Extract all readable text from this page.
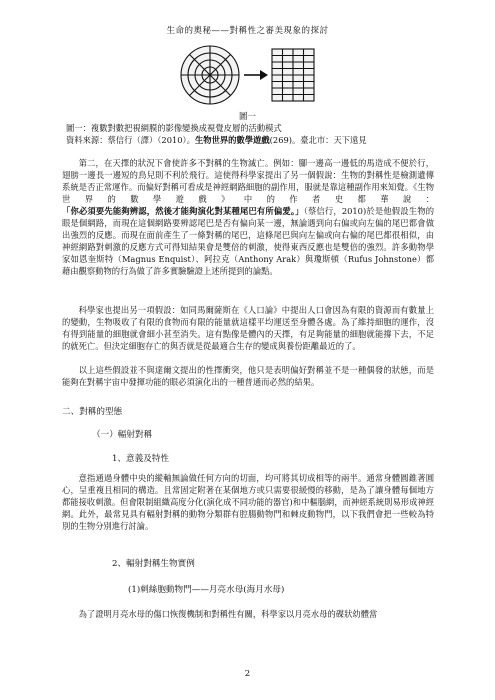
生命的奧秘——對稱性之審美現象的探討
圖一
圖一：複數對數把視網膜的影像變換成視覺皮層的活動模式
資料來源：蔡信行（譯）（2010）。生物世界的數學遊戲(269)。臺北市：天下遠見
第二，在天擇的狀況下會使許多不對稱的生物滅亡。例如：腳一邊高一邊低的馬造成不便於行，翅膀一邊長一邊短的鳥兒則不利於飛行。這使得科學家提出了另一個假說：生物的對稱性是檢測遺傳系統是否正常運作。而偏好對稱可看成是神經網路細胞的副作用，服就是靠這種副作用來知覺。《生物世界的數學遊戲》中的作者史都華說：「你必須要先能夠辨認，然後才能夠演化對某種尾巴有所偏愛。」（蔡信行，2010)於是他假設生物的眼是個網路，而現在這個網路要辨認尾巴是否有偏向某一邊，無論遇到向右偏或向左偏的尾巴都會做出強烈的反應。而現在面前產生了一條對稱的尾巴，這條尾巴與向左偏或向右偏的尾巴都很相似，由神經網路對刺激的反應方式可得知結果會是雙倍的刺激，使得東西反應也是雙倍的強烈。許多動物學家如恩奎斯特（Magnus Enquist）、阿拉克（Anthony Arak）與瓊斯頓（Rufus Johnstone）都藉由觀察動物的行為做了許多實驗驗證上述所提到的論點。
科學家也提出另一項假設：如同馬爾薩斯在《人口論》中提出人口會因為有限的資源而有數量上的變動，生物吸收了有限的食物而有限的能量就這樣平均運送至身體各處。為了維持細胞的運作，沒有得到能量的細胞就會細小甚至消失。這有點像是體內的天擇，有足夠能量的細胞就能撐下去，不足的就死亡。但決定細胞存亡的與否就是從最適合生存的變成與養份距離最近的了。
以上這些假設並不與達爾文提出的性擇衝突，他只是表明偏好對稱並不是一種偶發的狀態，而是能夠在對稱宇宙中發揮功能的眼必須演化出的一種普通而必然的結果。
二、對稱的型態
（一）輻射對稱
1、意義及特性
意指通過身體中央的縱軸無論做任何方向的切面，均可將其切成相等的兩半。通常身體圓錐著圓心，呈重複且相同的構造。且常固定附著在某個地方或只需要很緩慢的移動，是為了讓身體每個地方都能接收刺激。但會限制組織高度分化(演化成不同功能的器官)和中樞腦網，而神經系統則易形成神經網。此外，最常見具有輻射對稱的動物分類群有腔腸動物門和棘皮動物門，以下我們會把一些較為特別的生物分別進行討論。
2、輻射對稱生物實例
(1)刺絲胞動物門——月亮水母(海月水母)
為了證明月亮水母的傷口恢復機制和對稱性有關，科學家以月亮水母的碟狀幼體當
2
